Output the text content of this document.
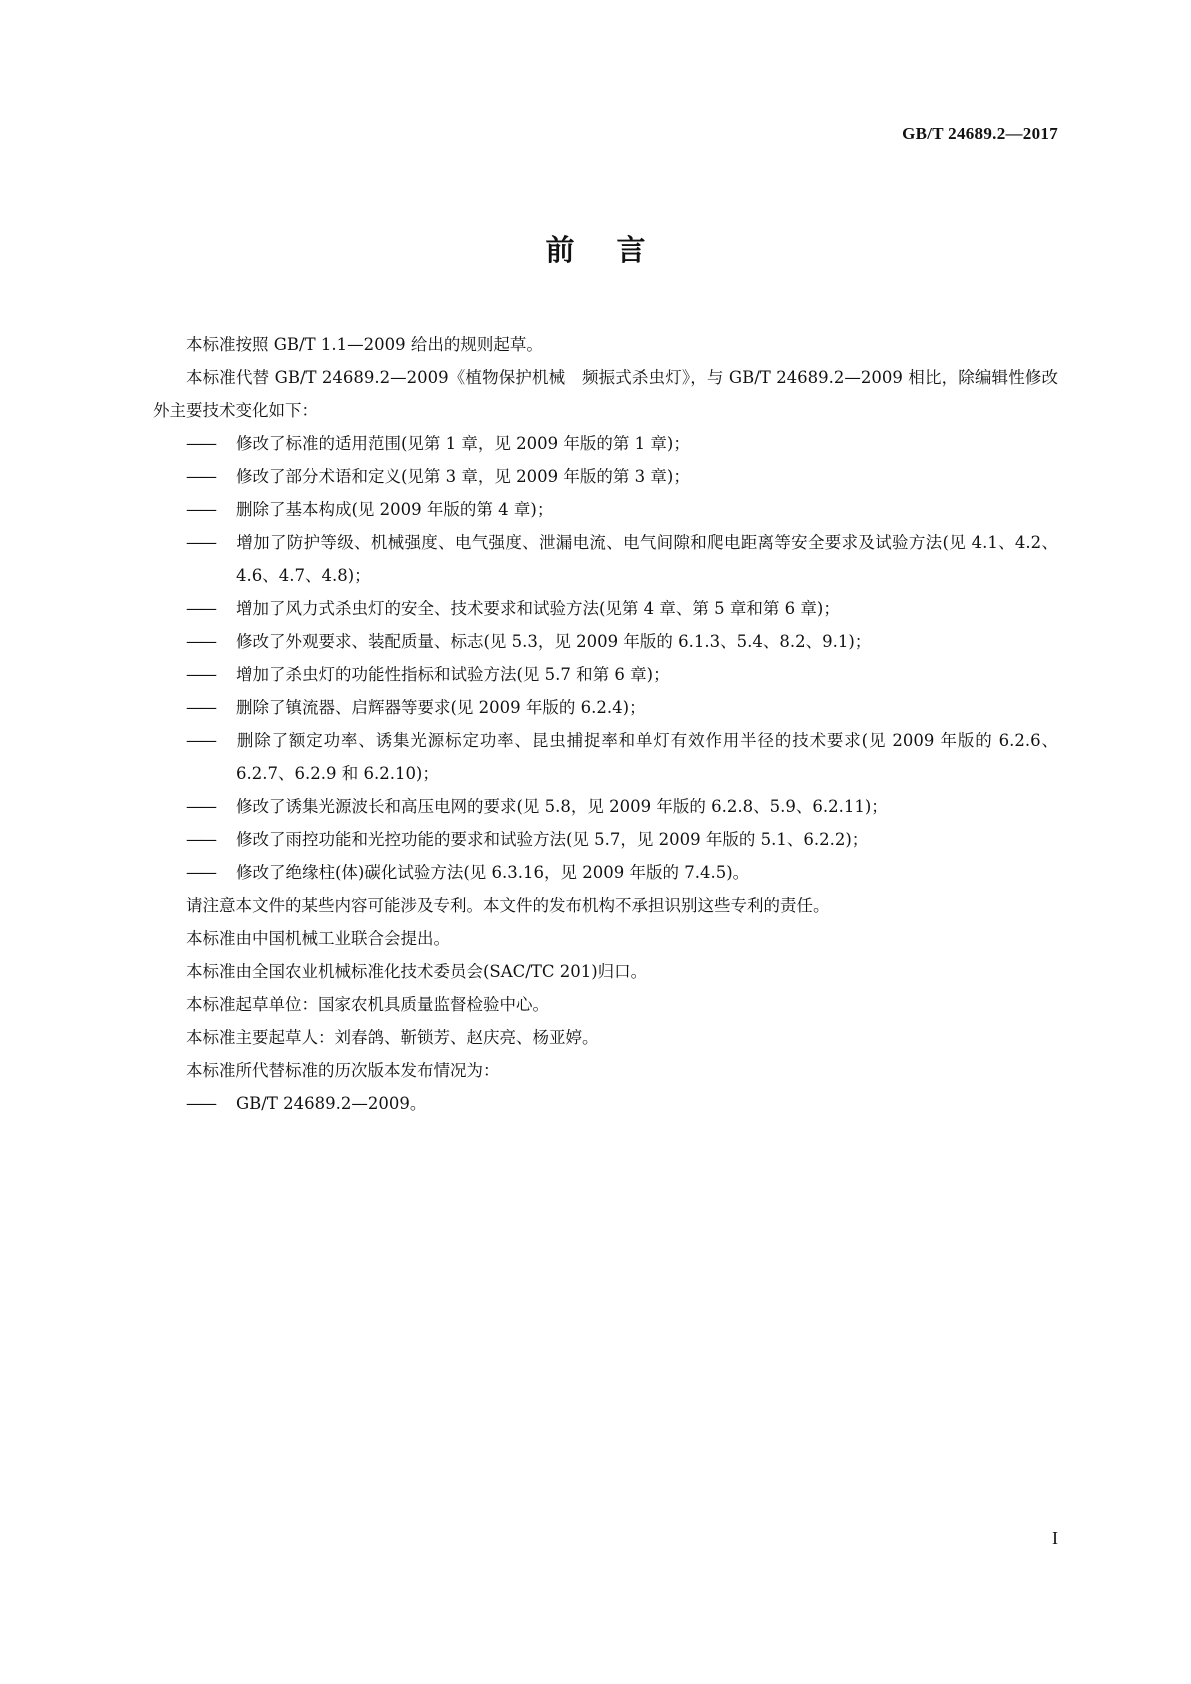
GB/T 24689.2—2017
前言
本标准按照 GB/T 1.1—2009 给出的规则起草。
本标准代替 GB/T 24689.2—2009《植物保护机械　频振式杀虫灯》，与 GB/T 24689.2—2009 相比，除编辑性修改外主要技术变化如下：
—— 修改了标准的适用范围(见第 1 章，见 2009 年版的第 1 章)；
—— 修改了部分术语和定义(见第 3 章，见 2009 年版的第 3 章)；
—— 删除了基本构成(见 2009 年版的第 4 章)；
—— 增加了防护等级、机械强度、电气强度、泄漏电流、电气间隙和爬电距离等安全要求及试验方法(见 4.1、4.2、4.6、4.7、4.8)；
—— 增加了风力式杀虫灯的安全、技术要求和试验方法(见第 4 章、第 5 章和第 6 章)；
—— 修改了外观要求、装配质量、标志(见 5.3，见 2009 年版的 6.1.3、5.4、8.2、9.1)；
—— 增加了杀虫灯的功能性指标和试验方法(见 5.7 和第 6 章)；
—— 删除了镇流器、启辉器等要求(见 2009 年版的 6.2.4)；
—— 删除了额定功率、诱集光源标定功率、昆虫捕捉率和单灯有效作用半径的技术要求(见 2009 年版的 6.2.6、6.2.7、6.2.9 和 6.2.10)；
—— 修改了诱集光源波长和高压电网的要求(见 5.8，见 2009 年版的 6.2.8、5.9、6.2.11)；
—— 修改了雨控功能和光控功能的要求和试验方法(见 5.7，见 2009 年版的 5.1、6.2.2)；
—— 修改了绝缘柱(体)碳化试验方法(见 6.3.16，见 2009 年版的 7.4.5)。
请注意本文件的某些内容可能涉及专利。本文件的发布机构不承担识别这些专利的责任。
本标准由中国机械工业联合会提出。
本标准由全国农业机械标准化技术委员会(SAC/TC 201)归口。
本标准起草单位：国家农机具质量监督检验中心。
本标准主要起草人：刘春鸽、靳锁芳、赵庆亮、杨亚婷。
本标准所代替标准的历次版本发布情况为：
—— GB/T 24689.2—2009。
I
